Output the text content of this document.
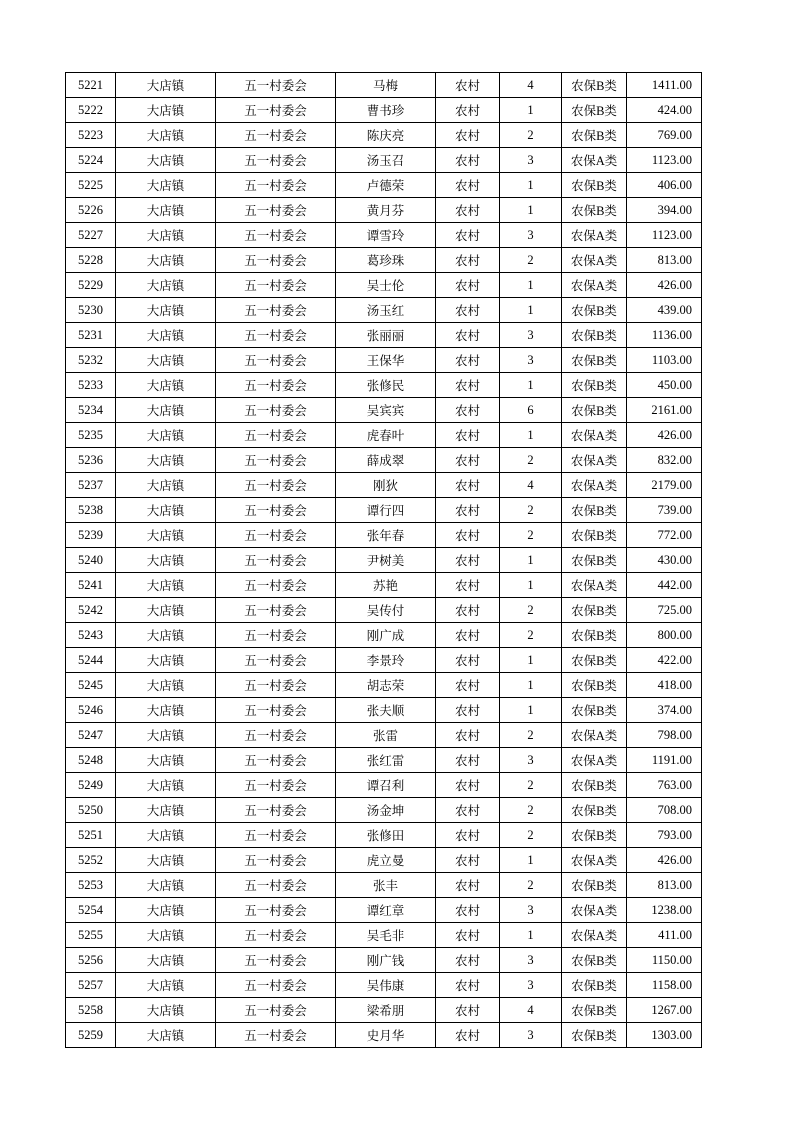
5221	大店镇	五一村委会	马梅	农村	4	农保B类	1411.00
5222	大店镇	五一村委会	曹书珍	农村	1	农保B类	424.00
5223	大店镇	五一村委会	陈庆亮	农村	2	农保B类	769.00
5224	大店镇	五一村委会	汤玉召	农村	3	农保A类	1123.00
5225	大店镇	五一村委会	卢德荣	农村	1	农保B类	406.00
5226	大店镇	五一村委会	黄月芬	农村	1	农保B类	394.00
5227	大店镇	五一村委会	谭雪玲	农村	3	农保A类	1123.00
5228	大店镇	五一村委会	葛珍珠	农村	2	农保A类	813.00
5229	大店镇	五一村委会	吴士伦	农村	1	农保A类	426.00
5230	大店镇	五一村委会	汤玉红	农村	1	农保B类	439.00
5231	大店镇	五一村委会	张丽丽	农村	3	农保B类	1136.00
5232	大店镇	五一村委会	王保华	农村	3	农保B类	1103.00
5233	大店镇	五一村委会	张修民	农村	1	农保B类	450.00
5234	大店镇	五一村委会	吴宾宾	农村	6	农保B类	2161.00
5235	大店镇	五一村委会	虎春叶	农村	1	农保A类	426.00
5236	大店镇	五一村委会	薛成翠	农村	2	农保A类	832.00
5237	大店镇	五一村委会	刚狄	农村	4	农保A类	2179.00
5238	大店镇	五一村委会	谭行四	农村	2	农保B类	739.00
5239	大店镇	五一村委会	张年春	农村	2	农保B类	772.00
5240	大店镇	五一村委会	尹树美	农村	1	农保B类	430.00
5241	大店镇	五一村委会	苏艳	农村	1	农保A类	442.00
5242	大店镇	五一村委会	吴传付	农村	2	农保B类	725.00
5243	大店镇	五一村委会	刚广成	农村	2	农保B类	800.00
5244	大店镇	五一村委会	李景玲	农村	1	农保B类	422.00
5245	大店镇	五一村委会	胡志荣	农村	1	农保B类	418.00
5246	大店镇	五一村委会	张夫顺	农村	1	农保B类	374.00
5247	大店镇	五一村委会	张雷	农村	2	农保A类	798.00
5248	大店镇	五一村委会	张红雷	农村	3	农保A类	1191.00
5249	大店镇	五一村委会	谭召利	农村	2	农保B类	763.00
5250	大店镇	五一村委会	汤金坤	农村	2	农保B类	708.00
5251	大店镇	五一村委会	张修田	农村	2	农保B类	793.00
5252	大店镇	五一村委会	虎立曼	农村	1	农保A类	426.00
5253	大店镇	五一村委会	张丰	农村	2	农保B类	813.00
5254	大店镇	五一村委会	谭红章	农村	3	农保A类	1238.00
5255	大店镇	五一村委会	吴毛非	农村	1	农保A类	411.00
5256	大店镇	五一村委会	刚广钱	农村	3	农保B类	1150.00
5257	大店镇	五一村委会	吴伟康	农村	3	农保B类	1158.00
5258	大店镇	五一村委会	梁希朋	农村	4	农保B类	1267.00
5259	大店镇	五一村委会	史月华	农村	3	农保B类	1303.00
